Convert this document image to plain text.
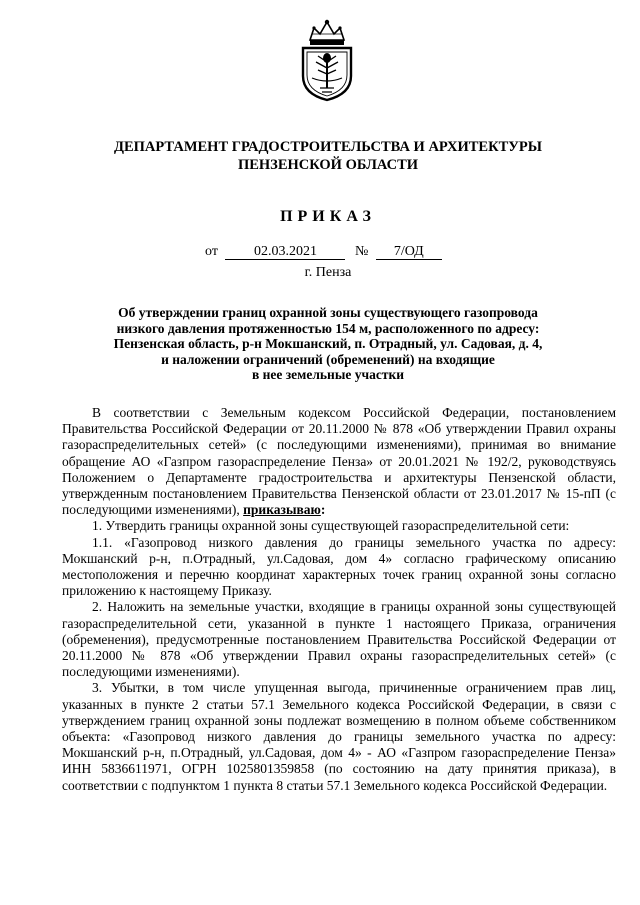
ДЕПАРТАМЕНТ ГРАДОСТРОИТЕЛЬСТВА И АРХИТЕКТУРЫ
ПЕНЗЕНСКОЙ ОБЛАСТИ
ПРИКАЗ
от	02.03.2021	№ 7/ОД
г. Пенза
Об утверждении границ охранной зоны существующего газопровода
низкого давления протяженностью 154 м, расположенного по адресу:
Пензенская область, р-н Мокшанский, п. Отрадный, ул. Садовая, д. 4,
и наложении ограничений (обременений) на входящие
в нее земельные участки

В соответствии с Земельным кодексом Российской Федерации, постановлением Правительства Российской Федерации от 20.11.2000 № 878 «Об утверждении Правил охраны газораспределительных сетей» (с последующими изменениями), принимая во внимание обращение АО «Газпром газораспределение Пенза» от 20.01.2021 № 192/2, руководствуясь Положением о Департаменте градостроительства и архитектуры Пензенской области, утвержденным постановлением Правительства Пензенской области от 23.01.2017 № 15-пП (с последующими изменениями), приказываю:

1. Утвердить границы охранной зоны существующей газораспределительной сети:

1.1. «Газопровод низкого давления до границы земельного участка по адресу: Мокшанский р-н, п.Отрадный, ул.Садовая, дом 4» согласно графическому описанию местоположения и перечню координат характерных точек границ охранной зоны согласно приложению к настоящему Приказу.

2. Наложить на земельные участки, входящие в границы охранной зоны существующей газораспределительной сети, указанной в пункте 1 настоящего Приказа, ограничения (обременения), предусмотренные постановлением Правительства Российской Федерации от 20.11.2000 № 878 «Об утверждении Правил охраны газораспределительных сетей» (с последующими изменениями).

3. Убытки, в том числе упущенная выгода, причиненные ограничением прав лиц, указанных в пункте 2 статьи 57.1 Земельного кодекса Российской Федерации, в связи с утверждением границ охранной зоны подлежат возмещению в полном объеме собственником объекта: «Газопровод низкого давления до границы земельного участка по адресу: Мокшанский р-н, п.Отрадный, ул.Садовая, дом 4» - АО «Газпром газораспределение Пенза» ИНН 5836611971, ОГРН 1025801359858 (по состоянию на дату принятия приказа), в соответствии с подпунктом 1 пункта 8 статьи 57.1 Земельного кодекса Российской Федерации.
